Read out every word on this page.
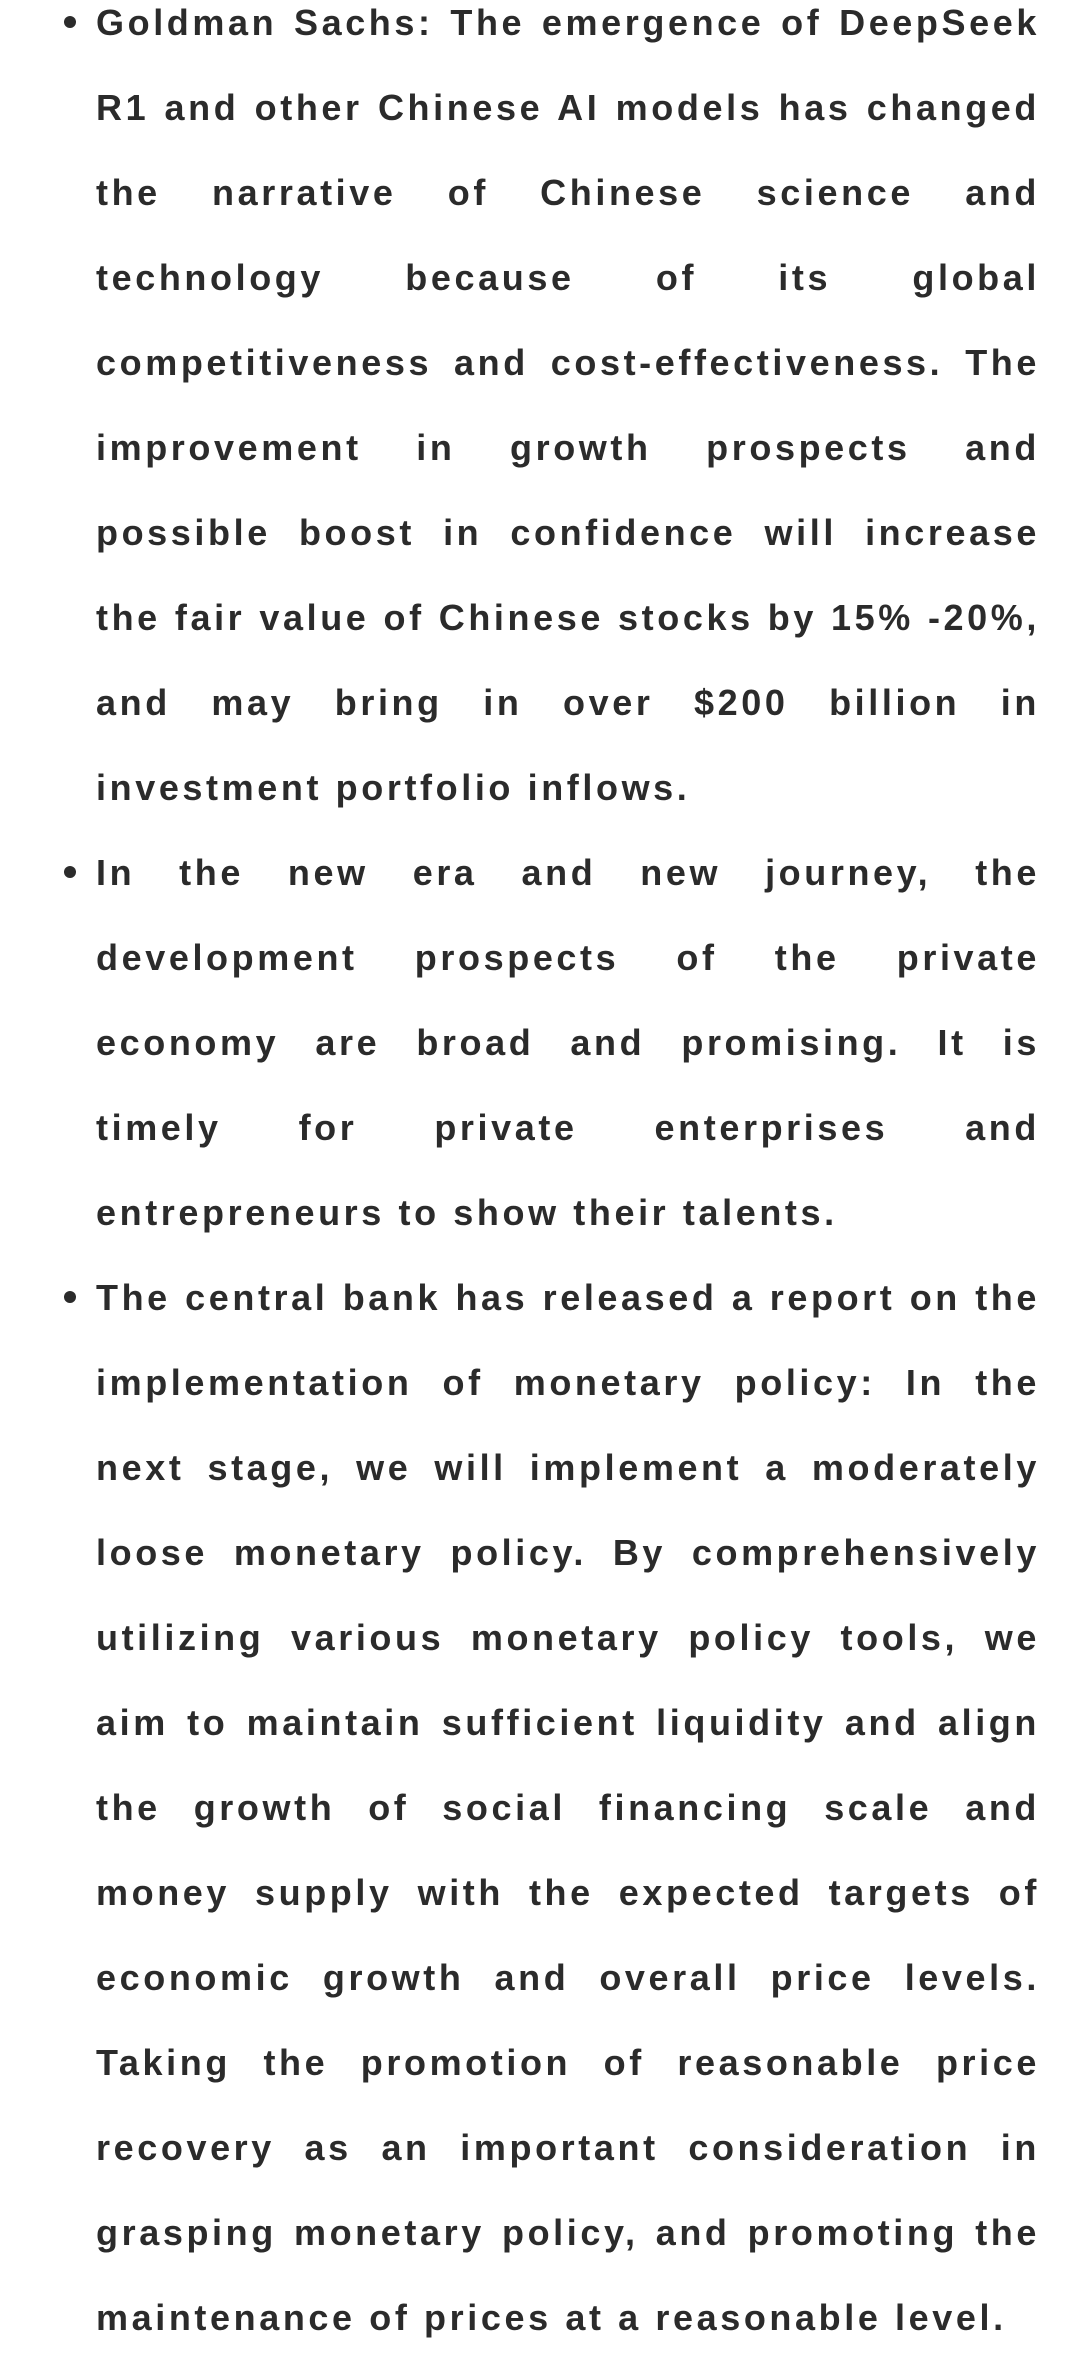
Goldman Sachs: The emergence of DeepSeek R1 and other Chinese AI models has changed the narrative of Chinese science and technology because of its global competitiveness and cost-effectiveness. The improvement in growth prospects and possible boost in confidence will increase the fair value of Chinese stocks by 15% -20%, and may bring in over $200 billion in investment portfolio inflows.
In the new era and new journey, the development prospects of the private economy are broad and promising. It is timely for private enterprises and entrepreneurs to show their talents.
The central bank has released a report on the implementation of monetary policy: In the next stage, we will implement a moderately loose monetary policy. By comprehensively utilizing various monetary policy tools, we aim to maintain sufficient liquidity and align the growth of social financing scale and money supply with the expected targets of economic growth and overall price levels. Taking the promotion of reasonable price recovery as an important consideration in grasping monetary policy, and promoting the maintenance of prices at a reasonable level.
